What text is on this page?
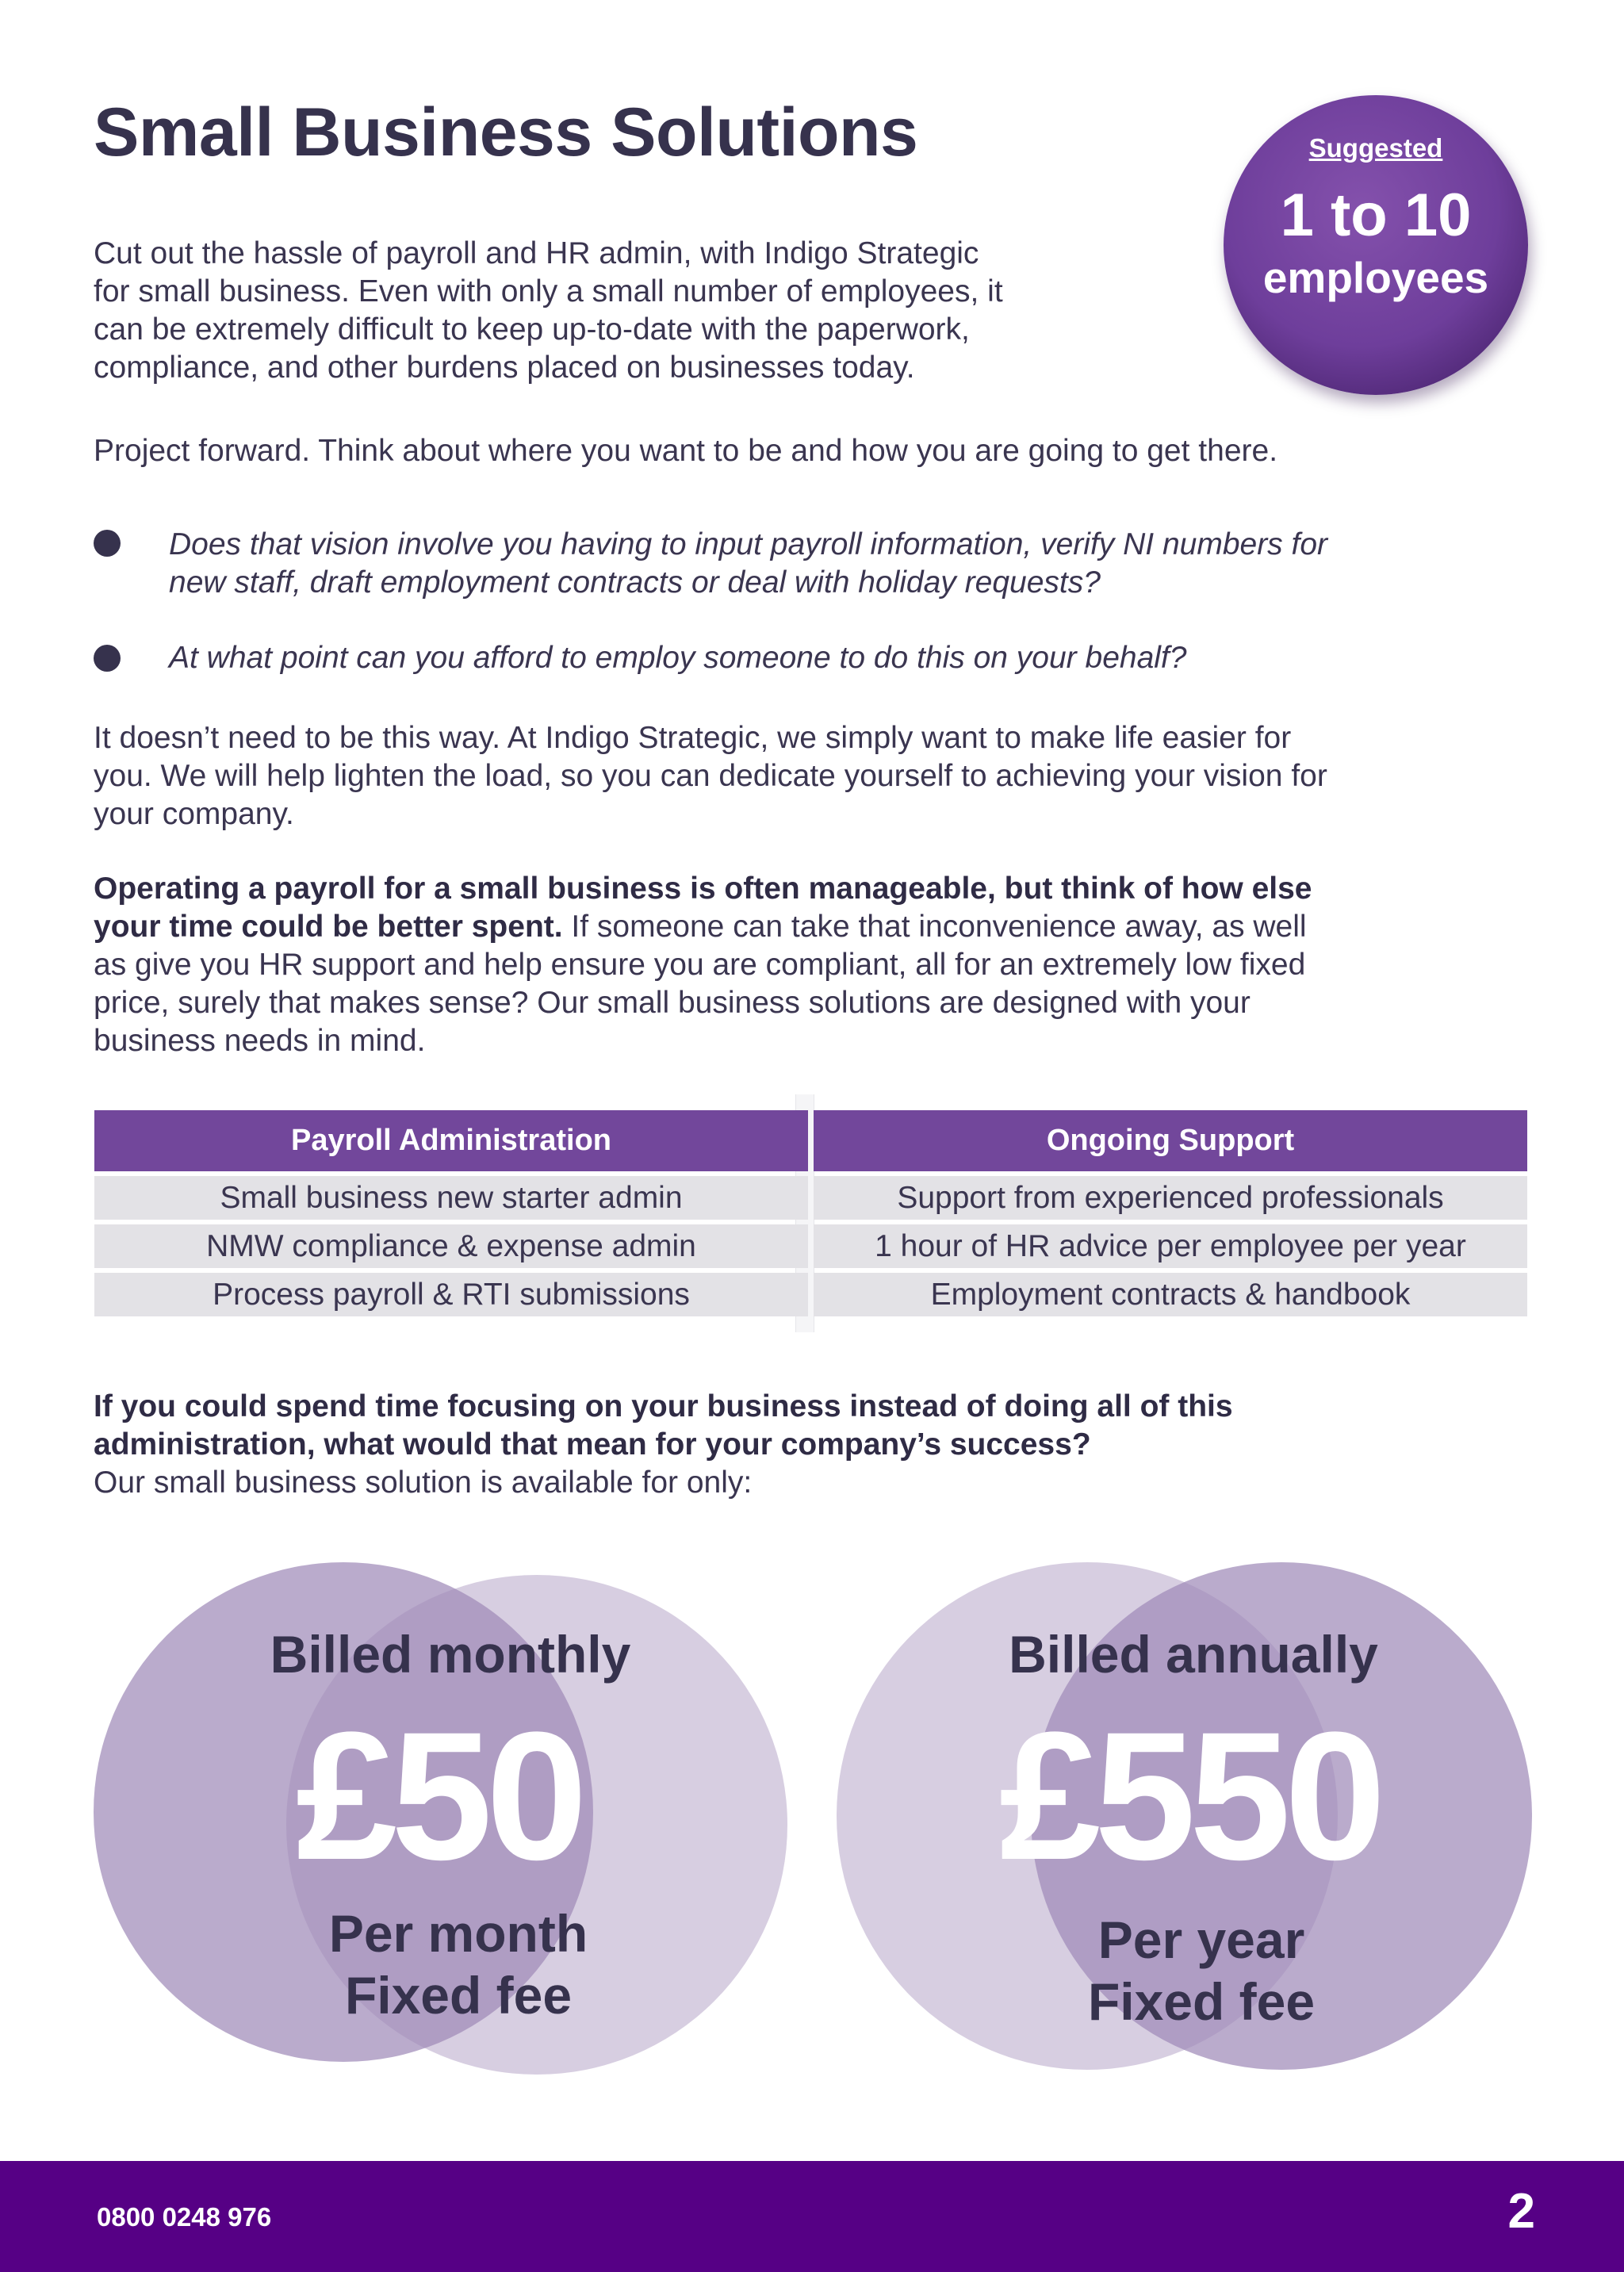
Small Business Solutions	Suggested
1 to 10
employees
Cut out the hassle of payroll and HR admin, with Indigo Strategic
for small business. Even with only a small number of employees, it
can be extremely difficult to keep up-to-date with the paperwork,
compliance, and other burdens placed on businesses today.
Project forward. Think about where you want to be and how you are going to get there.
Does that vision involve you having to input payroll information, verify NI numbers for
new staff, draft employment contracts or deal with holiday requests?
At what point can you afford to employ someone to do this on your behalf?
It doesn’t need to be this way. At Indigo Strategic, we simply want to make life easier for
you. We will help lighten the load, so you can dedicate yourself to achieving your vision for
your company.
Operating a payroll for a small business is often manageable, but think of how else
your time could be better spent. If someone can take that inconvenience away, as well
as give you HR support and help ensure you are compliant, all for an extremely low fixed
price, surely that makes sense? Our small business solutions are designed with your
business needs in mind.
Payroll Administration
Small business new starter admin
NMW compliance & expense admin
Process payroll & RTI submissions
Ongoing Support
Support from experienced professionals
1 hour of HR advice per employee per year
Employment contracts & handbook
If you could spend time focusing on your business instead of doing all of this
administration, what would that mean for your company’s success?
Our small business solution is available for only:
Billed monthly
£50
Per month
Fixed fee
Billed annually
£550
Per year
Fixed fee
0800 0248 976	2
